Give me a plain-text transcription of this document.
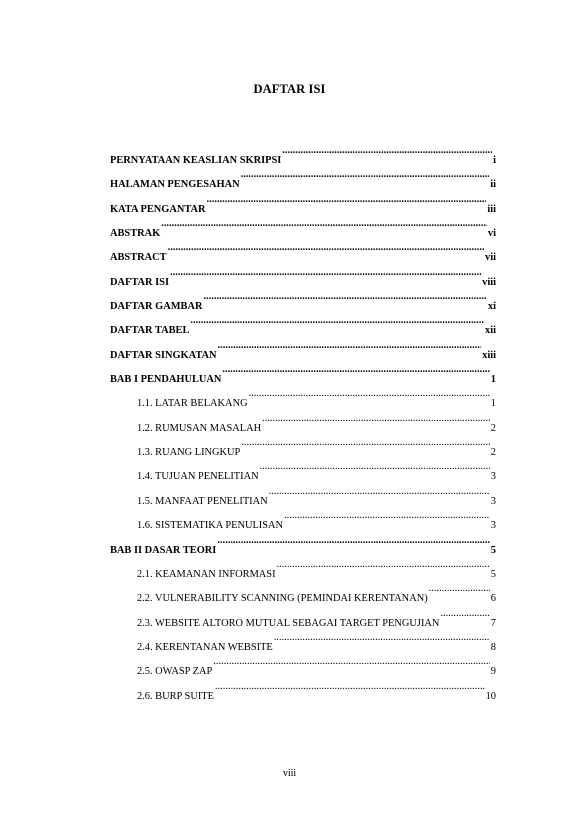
DAFTAR ISI
PERNYATAAN KEASLIAN SKRIPSI .....	i
HALAMAN PENGESAHAN .....	ii
KATA PENGANTAR .....	iii
ABSTRAK .....	vi
ABSTRACT .....	vii
DAFTAR ISI .....	viii
DAFTAR GAMBAR .....	xi
DAFTAR TABEL .....	xii
DAFTAR SINGKATAN .....	xiii
BAB I PENDAHULUAN .....	1
1.1. LATAR BELAKANG .....	1
1.2. RUMUSAN MASALAH .....	2
1.3. RUANG LINGKUP .....	2
1.4. TUJUAN PENELITIAN .....	3
1.5. MANFAAT PENELITIAN .....	3
1.6. SISTEMATIKA PENULISAN .....	3
BAB II DASAR TEORI .....	5
2.1. KEAMANAN INFORMASI .....	5
2.2. VULNERABILITY SCANNING (PEMINDAI KERENTANAN) .....	6
2.3. WEBSITE ALTORO MUTUAL SEBAGAI TARGET PENGUJIAN .....	7
2.4. KERENTANAN WEBSITE .....	8
2.5. OWASP ZAP .....	9
2.6. BURP SUITE .....	10
viii
